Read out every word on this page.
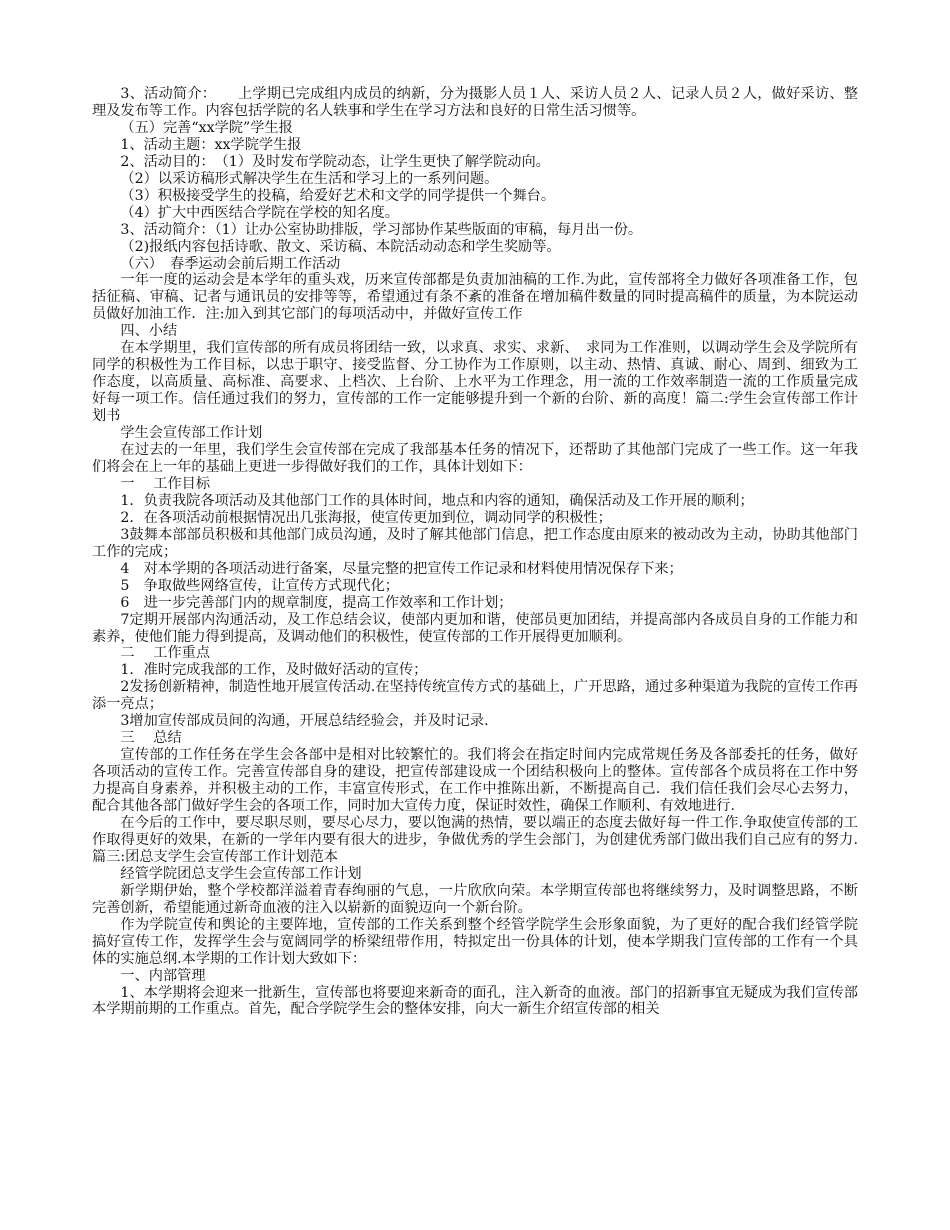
3、活动简介：　　上学期已完成组内成员的纳新，分为摄影人员１人、采访人员２人、记录人员２人，做好采访、整理及发布等工作。内容包括学院的名人轶事和学生在学习方法和良好的日常生活习惯等。

（五）完善“xx学院”学生报

1、活动主题：xx学院学生报

2、活动目的：　（1）及时发布学院动态，让学生更快了解学院动向。

（2）以采访稿形式解决学生在生活和学习上的一系列问题。

（3）积极接受学生的投稿，给爱好艺术和文学的同学提供一个舞台。

（4）扩大中西医结合学院在学校的知名度。

3、活动简介：（1）让办公室协助排版，学习部协作某些版面的审稿，每月出一份。

（2)报纸内容包括诗歌、散文、采访稿、本院活动动态和学生奖励等。

（六）　春季运动会前后期工作活动

一年一度的运动会是本学年的重头戏，历来宣传部都是负责加油稿的工作.为此，宣传部将全力做好各项准备工作，包括征稿、审稿、记者与通讯员的安排等等，希望通过有条不紊的准备在增加稿件数量的同时提高稿件的质量，为本院运动员做好加油工作．注:加入到其它部门的每项活动中，并做好宣传工作

四、小结

在本学期里，我们宣传部的所有成员将团结一致，以求真、求实、求新、　求同为工作准则，以调动学生会及学院所有同学的积极性为工作目标，以忠于职守、接受监督、分工协作为工作原则，以主动、热情、真诚、耐心、周到、细致为工作态度，以高质量、高标准、高要求、上档次、上台阶、上水平为工作理念，用一流的工作效率制造一流的工作质量完成好每一项工作。信任通过我们的努力，宣传部的工作一定能够提升到一个新的台阶、新的高度！篇二:学生会宣传部工作计划书

学生会宣传部工作计划

在过去的一年里，我们学生会宣传部在完成了我部基本任务的情况下，还帮助了其他部门完成了一些工作。这一年我们将会在上一年的基础上更进一步得做好我们的工作，具体计划如下：

一　 工作目标

1．负责我院各项活动及其他部门工作的具体时间，地点和内容的通知，确保活动及工作开展的顺利；

2．在各项活动前根据情况出几张海报，使宣传更加到位，调动同学的积极性；

3鼓舞本部部员积极和其他部门成员沟通，及时了解其他部门信息，把工作态度由原来的被动改为主动，协助其他部门工作的完成；

4　对本学期的各项活动进行备案，尽量完整的把宣传工作记录和材料使用情况保存下来；

5　争取做些网络宣传，让宣传方式现代化；

6　进一步完善部门内的规章制度，提高工作效率和工作计划；

7定期开展部内沟通活动，及工作总结会议，使部内更加和谐，使部员更加团结，并提高部内各成员自身的工作能力和素养，使他们能力得到提高，及调动他们的积极性，使宣传部的工作开展得更加顺利。

二　 工作重点

1．准时完成我部的工作，及时做好活动的宣传；

2发扬创新精神，制造性地开展宣传活动.在坚持传统宣传方式的基础上，广开思路，通过多种渠道为我院的宣传工作再添一亮点；

3增加宣传部成员间的沟通，开展总结经验会，并及时记录.

三　 总结

宣传部的工作任务在学生会各部中是相对比较繁忙的。我们将会在指定时间内完成常规任务及各部委托的任务，做好各项活动的宣传工作。完善宣传部自身的建设，把宣传部建设成一个团结积极向上的整体。宣传部各个成员将在工作中努力提高自身素养，并积极主动的工作，丰富宣传形式，在工作中推陈出新，不断提高自己．我们信任我们会尽心去努力，配合其他各部门做好学生会的各项工作，同时加大宣传力度，保证时效性，确保工作顺利、有效地进行.

在今后的工作中，要尽职尽则，要尽心尽力，要以饱满的热情，要以端正的态度去做好每一件工作.争取使宣传部的工作取得更好的效果，在新的一学年内要有很大的进步，争做优秀的学生会部门，为创建优秀部门做出我们自己应有的努力.篇三:团总支学生会宣传部工作计划范本

经管学院团总支学生会宣传部工作计划

新学期伊始，整个学校都洋溢着青春绚丽的气息，一片欣欣向荣。本学期宣传部也将继续努力，及时调整思路，不断完善创新，希望能通过新奇血液的注入以崭新的面貌迈向一个新台阶。

作为学院宣传和舆论的主要阵地，宣传部的工作关系到整个经管学院学生会形象面貌，为了更好的配合我们经管学院搞好宣传工作，发挥学生会与宽阔同学的桥梁纽带作用，特拟定出一份具体的计划，使本学期我门宣传部的工作有一个具体的实施总纲.本学期的工作计划大致如下：

一、内部管理

1、本学期将会迎来一批新生，宣传部也将要迎来新奇的面孔，注入新奇的血液。部门的招新事宜无疑成为我们宣传部本学期前期的工作重点。首先，配合学院学生会的整体安排，向大一新生介绍宣传部的相关
